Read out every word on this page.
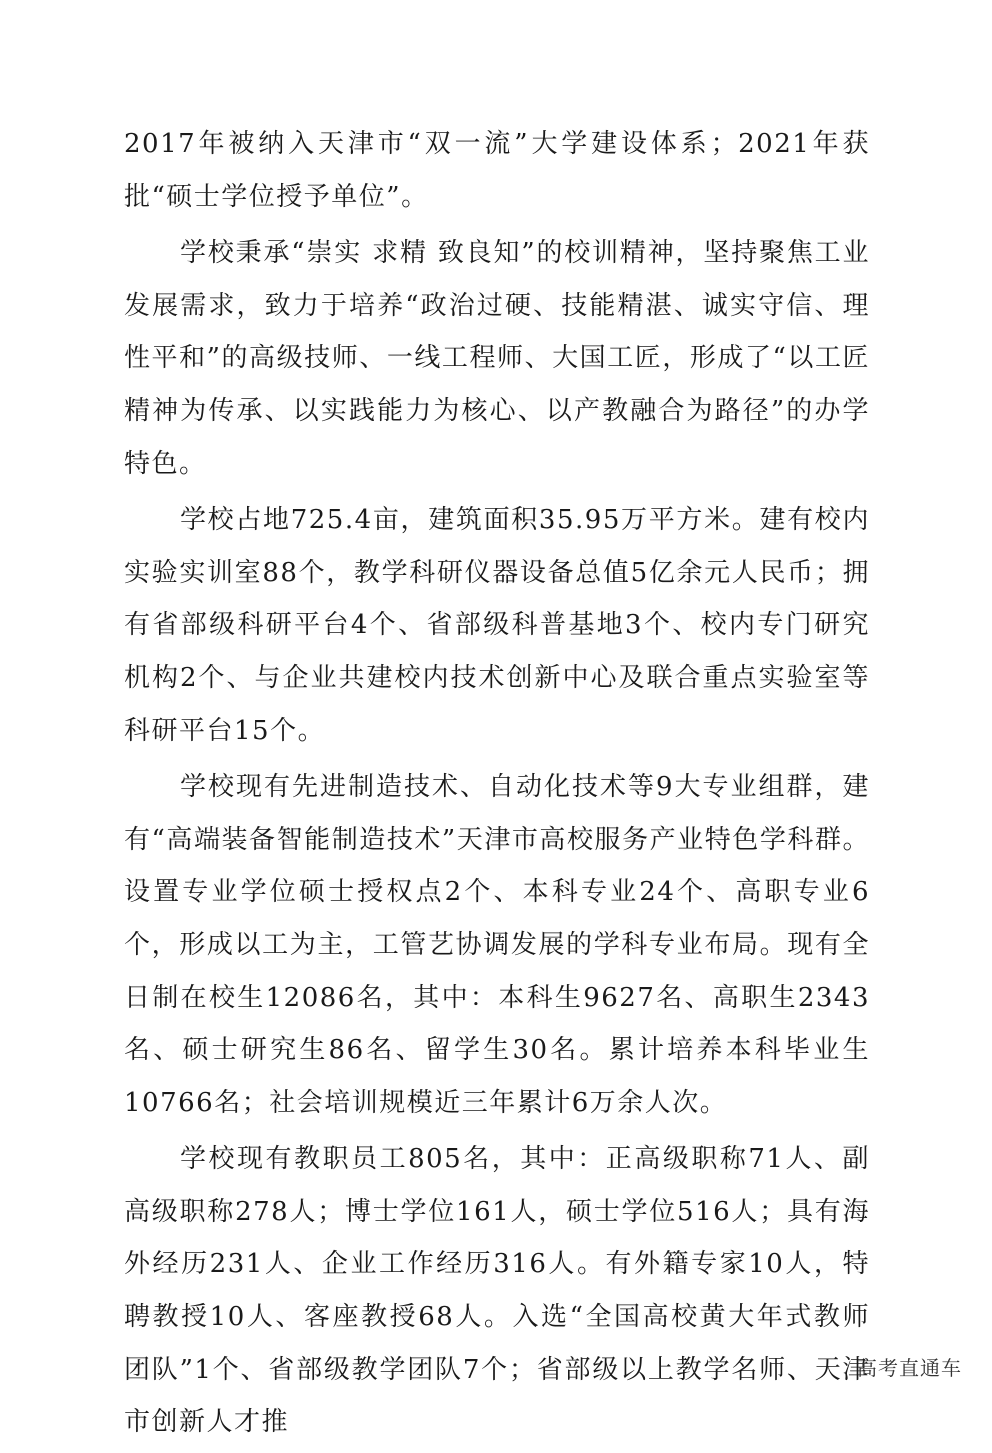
2017年被纳入天津市“双一流”大学建设体系；2021年获批“硕士学位授予单位”。

学校秉承“崇实 求精 致良知”的校训精神，坚持聚焦工业发展需求，致力于培养“政治过硬、技能精湛、诚实守信、理性平和”的高级技师、一线工程师、大国工匠，形成了“以工匠精神为传承、以实践能力为核心、以产教融合为路径”的办学特色。

学校占地725.4亩，建筑面积35.95万平方米。建有校内实验实训室88个，教学科研仪器设备总值5亿余元人民币；拥有省部级科研平台4个、省部级科普基地3个、校内专门研究机构2个、与企业共建校内技术创新中心及联合重点实验室等科研平台15个。

学校现有先进制造技术、自动化技术等9大专业组群，建有“高端装备智能制造技术”天津市高校服务产业特色学科群。设置专业学位硕士授权点2个、本科专业24个、高职专业6个，形成以工为主，工管艺协调发展的学科专业布局。现有全日制在校生12086名，其中：本科生9627名、高职生2343名、硕士研究生86名、留学生30名。累计培养本科毕业生10766名；社会培训规模近三年累计6万余人次。

学校现有教职员工805名，其中：正高级职称71人、副高级职称278人；博士学位161人，硕士学位516人；具有海外经历231人、企业工作经历316人。有外籍专家10人，特聘教授10人、客座教授68人。入选“全国高校黄大年式教师团队”1个、省部级教学团队7个；省部级以上教学名师、天津市创新人才推

高考直通车
